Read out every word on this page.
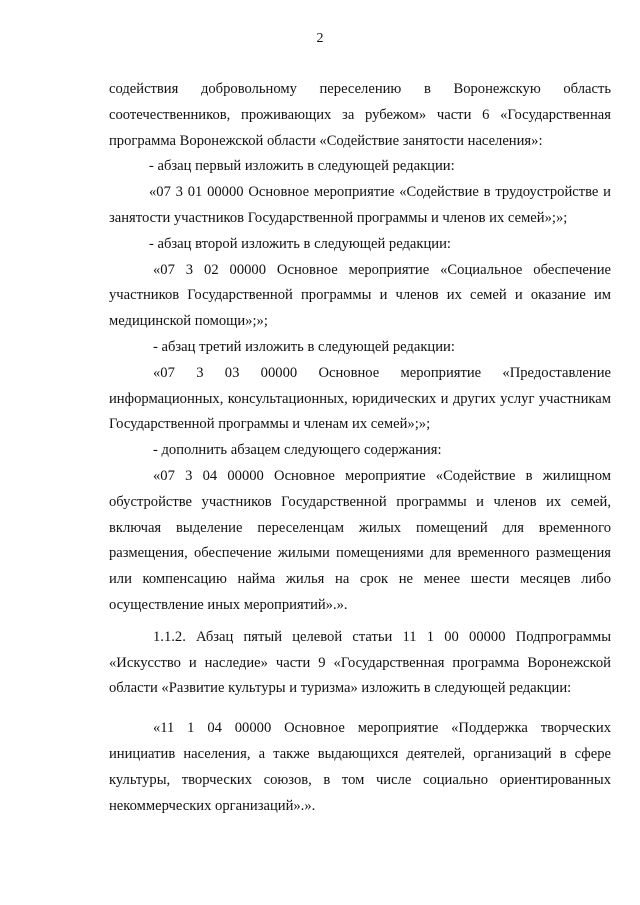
2

содействия добровольному переселению в Воронежскую область соотечественников, проживающих за рубежом» части 6 «Государственная программа Воронежской области «Содействие занятости населения»:

- абзац первый изложить в следующей редакции:

«07 3 01 00000 Основное мероприятие «Содействие в трудоустройстве и занятости участников Государственной программы и членов их семей»;»;

- абзац второй изложить в следующей редакции:

«07 3 02 00000 Основное мероприятие «Социальное обеспечение участников Государственной программы и членов их семей и оказание им медицинской помощи»;»;

- абзац третий изложить в следующей редакции:

«07 3 03 00000 Основное мероприятие «Предоставление информационных, консультационных, юридических и других услуг участникам Государственной программы и членам их семей»;»;

- дополнить абзацем следующего содержания:

«07 3 04 00000 Основное мероприятие «Содействие в жилищном обустройстве участников Государственной программы и членов их семей, включая выделение переселенцам жилых помещений для временного размещения, обеспечение жилыми помещениями для временного размещения или компенсацию найма жилья на срок не менее шести месяцев либо осуществление иных мероприятий».».

1.1.2. Абзац пятый целевой статьи 11 1 00 00000 Подпрограммы «Искусство и наследие» части 9 «Государственная программа Воронежской области «Развитие культуры и туризма» изложить в следующей редакции:

«11 1 04 00000 Основное мероприятие «Поддержка творческих инициатив населения, а также выдающихся деятелей, организаций в сфере культуры, творческих союзов, в том числе социально ориентированных некоммерческих организаций».».
